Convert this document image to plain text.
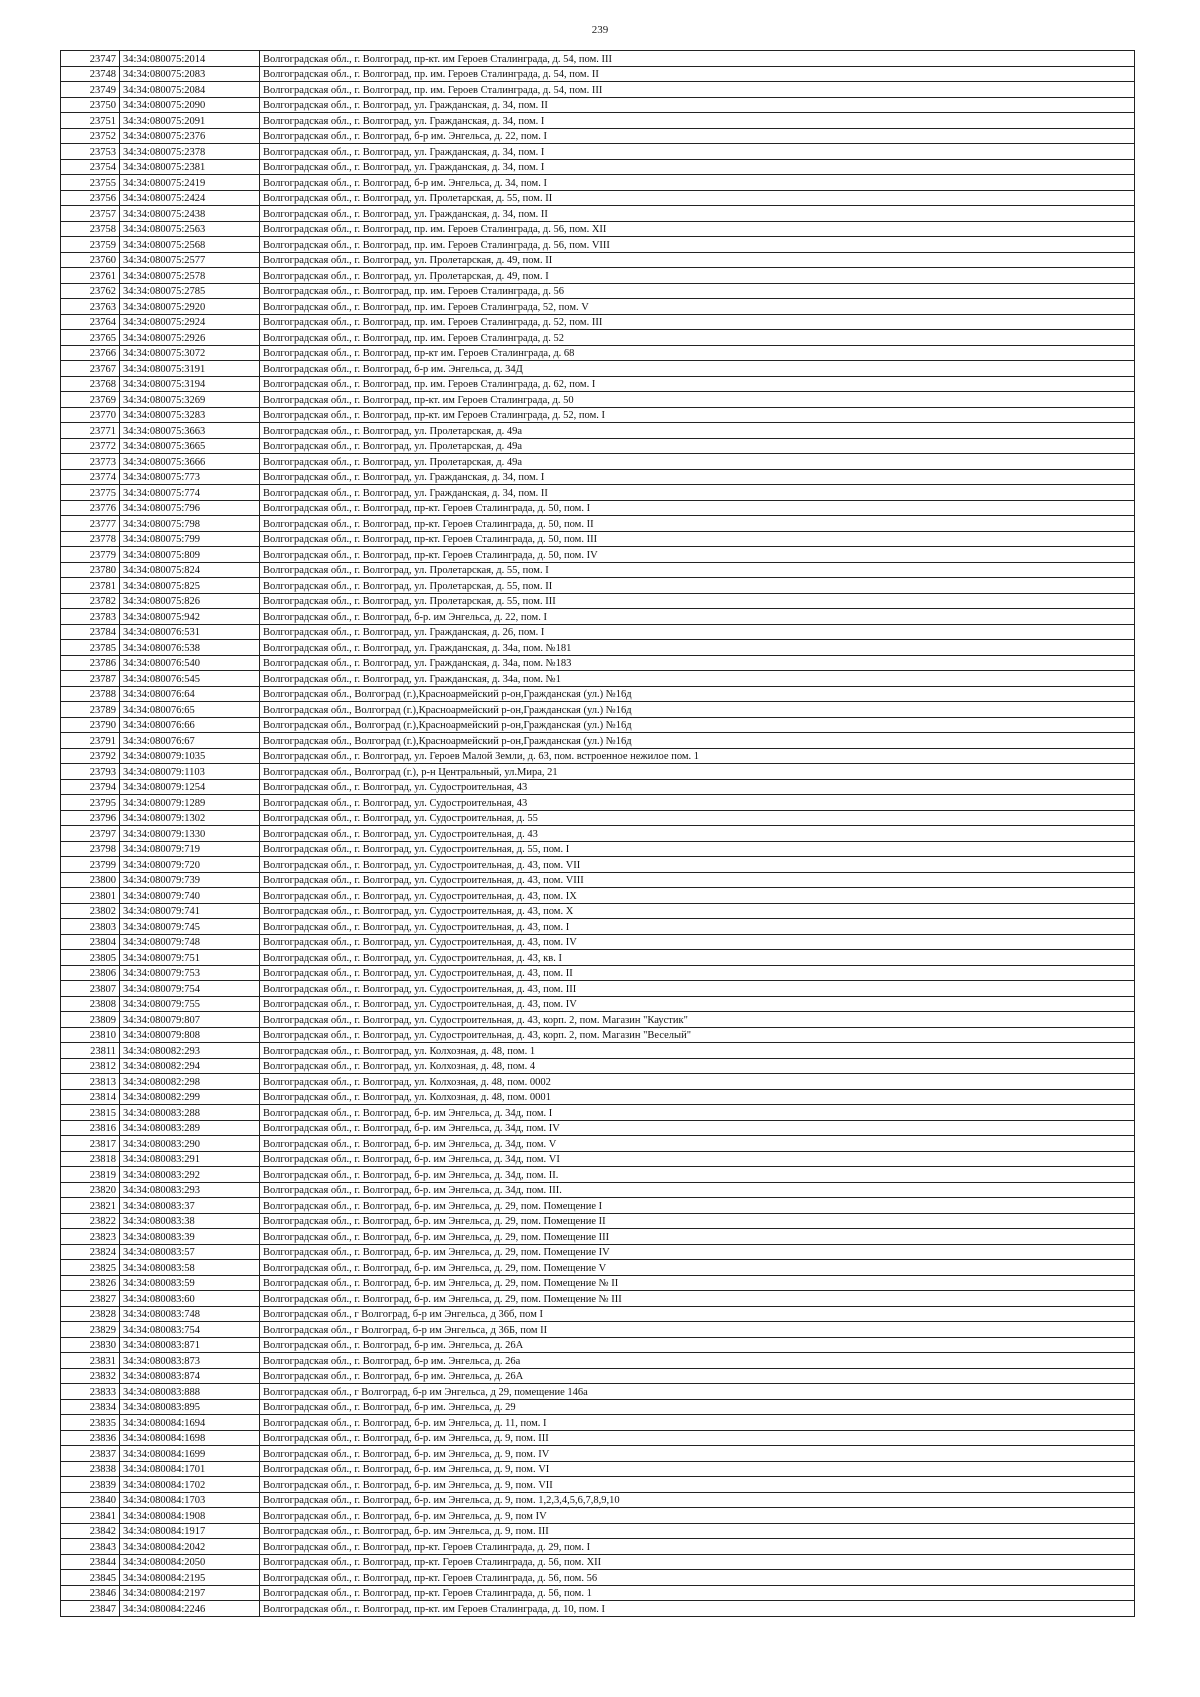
239
23747	34:34:080075:2014	Волгоградская обл., г. Волгоград, пр-кт. им Героев Сталинграда, д. 54, пом. III
23748	34:34:080075:2083	Волгоградская обл., г. Волгоград, пр. им. Героев Сталинграда, д. 54, пом. II
23749	34:34:080075:2084	Волгоградская обл., г. Волгоград, пр. им. Героев Сталинграда, д. 54, пом. III
23750	34:34:080075:2090	Волгоградская обл., г. Волгоград, ул. Гражданская, д. 34, пом. II
23751	34:34:080075:2091	Волгоградская обл., г. Волгоград, ул. Гражданская, д. 34, пом. I
23752	34:34:080075:2376	Волгоградская обл., г. Волгоград, б-р им. Энгельса, д. 22, пом. I
23753	34:34:080075:2378	Волгоградская обл., г. Волгоград, ул. Гражданская, д. 34, пом. I
23754	34:34:080075:2381	Волгоградская обл., г. Волгоград, ул. Гражданская, д. 34, пом. I
23755	34:34:080075:2419	Волгоградская обл., г. Волгоград, б-р им. Энгельса, д. 34, пом. I
23756	34:34:080075:2424	Волгоградская обл., г. Волгоград, ул. Пролетарская, д. 55, пом. II
23757	34:34:080075:2438	Волгоградская обл., г. Волгоград, ул. Гражданская, д. 34, пом. II
23758	34:34:080075:2563	Волгоградская обл., г. Волгоград, пр. им. Героев Сталинграда, д. 56, пом. XII
23759	34:34:080075:2568	Волгоградская обл., г. Волгоград, пр. им. Героев Сталинграда, д. 56, пом. VIII
23760	34:34:080075:2577	Волгоградская обл., г. Волгоград, ул. Пролетарская, д. 49, пом. II
23761	34:34:080075:2578	Волгоградская обл., г. Волгоград, ул. Пролетарская, д. 49, пом. I
23762	34:34:080075:2785	Волгоградская обл., г. Волгоград, пр. им. Героев Сталинграда, д. 56
23763	34:34:080075:2920	Волгоградская обл., г. Волгоград, пр. им. Героев Сталинграда, 52, пом. V
23764	34:34:080075:2924	Волгоградская обл., г. Волгоград, пр. им. Героев Сталинграда, д. 52, пом. III
23765	34:34:080075:2926	Волгоградская обл., г. Волгоград, пр. им. Героев Сталинграда, д. 52
23766	34:34:080075:3072	Волгоградская обл., г. Волгоград, пр-кт им. Героев Сталинграда, д. 68
23767	34:34:080075:3191	Волгоградская обл., г. Волгоград, б-р им. Энгельса, д. 34Д
23768	34:34:080075:3194	Волгоградская обл., г. Волгоград, пр. им. Героев Сталинграда, д. 62, пом. I
23769	34:34:080075:3269	Волгоградская обл., г. Волгоград, пр-кт. им Героев Сталинграда, д. 50
23770	34:34:080075:3283	Волгоградская обл., г. Волгоград, пр-кт. им Героев Сталинграда, д. 52, пом. I
23771	34:34:080075:3663	Волгоградская обл., г. Волгоград, ул. Пролетарская, д. 49а
23772	34:34:080075:3665	Волгоградская обл., г. Волгоград, ул. Пролетарская, д. 49а
23773	34:34:080075:3666	Волгоградская обл., г. Волгоград, ул. Пролетарская, д. 49а
23774	34:34:080075:773	Волгоградская обл., г. Волгоград, ул. Гражданская, д. 34, пом. I
23775	34:34:080075:774	Волгоградская обл., г. Волгоград, ул. Гражданская, д. 34, пом. II
23776	34:34:080075:796	Волгоградская обл., г. Волгоград, пр-кт. Героев Сталинграда, д. 50, пом. I
23777	34:34:080075:798	Волгоградская обл., г. Волгоград, пр-кт. Героев Сталинграда, д. 50, пом. II
23778	34:34:080075:799	Волгоградская обл., г. Волгоград, пр-кт. Героев Сталинграда, д. 50, пом. III
23779	34:34:080075:809	Волгоградская обл., г. Волгоград, пр-кт. Героев Сталинграда, д. 50, пом. IV
23780	34:34:080075:824	Волгоградская обл., г. Волгоград, ул. Пролетарская, д. 55, пом. I
23781	34:34:080075:825	Волгоградская обл., г. Волгоград, ул. Пролетарская, д. 55, пом. II
23782	34:34:080075:826	Волгоградская обл., г. Волгоград, ул. Пролетарская, д. 55, пом. III
23783	34:34:080075:942	Волгоградская обл., г. Волгоград, б-р. им Энгельса, д. 22, пом. I
23784	34:34:080076:531	Волгоградская обл., г. Волгоград, ул. Гражданская, д. 26, пом. I
23785	34:34:080076:538	Волгоградская обл., г. Волгоград, ул. Гражданская, д. 34а, пом. №181
23786	34:34:080076:540	Волгоградская обл., г. Волгоград, ул. Гражданская, д. 34а, пом. №183
23787	34:34:080076:545	Волгоградская обл., г. Волгоград, ул. Гражданская, д. 34а, пом. №1
23788	34:34:080076:64	Волгоградская обл., Волгоград (г.),Красноармейский р-он,Гражданская (ул.) №16д
23789	34:34:080076:65	Волгоградская обл., Волгоград (г.),Красноармейский р-он,Гражданская (ул.) №16д
23790	34:34:080076:66	Волгоградская обл., Волгоград (г.),Красноармейский р-он,Гражданская (ул.) №16д
23791	34:34:080076:67	Волгоградская обл., Волгоград (г.),Красноармейский р-он,Гражданская (ул.) №16д
23792	34:34:080079:1035	Волгоградская обл., г. Волгоград, ул. Героев Малой Земли, д. 63, пом. встроенное нежилое пом. 1
23793	34:34:080079:1103	Волгоградская обл., Волгоград (г.), р-н Центральный, ул.Мира, 21
23794	34:34:080079:1254	Волгоградская обл., г. Волгоград, ул. Судостроительная, 43
23795	34:34:080079:1289	Волгоградская обл., г. Волгоград, ул. Судостроительная, 43
23796	34:34:080079:1302	Волгоградская обл., г. Волгоград, ул. Судостроительная, д. 55
23797	34:34:080079:1330	Волгоградская обл., г. Волгоград, ул. Судостроительная, д. 43
23798	34:34:080079:719	Волгоградская обл., г. Волгоград, ул. Судостроительная, д. 55, пом. I
23799	34:34:080079:720	Волгоградская обл., г. Волгоград, ул. Судостроительная, д. 43, пом. VII
23800	34:34:080079:739	Волгоградская обл., г. Волгоград, ул. Судостроительная, д. 43, пом. VIII
23801	34:34:080079:740	Волгоградская обл., г. Волгоград, ул. Судостроительная, д. 43, пом. IX
23802	34:34:080079:741	Волгоградская обл., г. Волгоград, ул. Судостроительная, д. 43, пом. X
23803	34:34:080079:745	Волгоградская обл., г. Волгоград, ул. Судостроительная, д. 43, пом. I
23804	34:34:080079:748	Волгоградская обл., г. Волгоград, ул. Судостроительная, д. 43, пом. IV
23805	34:34:080079:751	Волгоградская обл., г. Волгоград, ул. Судостроительная, д. 43, кв. I
23806	34:34:080079:753	Волгоградская обл., г. Волгоград, ул. Судостроительная, д. 43, пом. II
23807	34:34:080079:754	Волгоградская обл., г. Волгоград, ул. Судостроительная, д. 43, пом. III
23808	34:34:080079:755	Волгоградская обл., г. Волгоград, ул. Судостроительная, д. 43, пом. IV
23809	34:34:080079:807	Волгоградская обл., г. Волгоград, ул. Судостроительная, д. 43, корп. 2, пом. Магазин "Каустик"
23810	34:34:080079:808	Волгоградская обл., г. Волгоград, ул. Судостроительная, д. 43, корп. 2, пом. Магазин "Веселый"
23811	34:34:080082:293	Волгоградская обл., г. Волгоград, ул. Колхозная, д. 48, пом. 1
23812	34:34:080082:294	Волгоградская обл., г. Волгоград, ул. Колхозная, д. 48, пом. 4
23813	34:34:080082:298	Волгоградская обл., г. Волгоград, ул. Колхозная, д. 48, пом. 0002
23814	34:34:080082:299	Волгоградская обл., г. Волгоград, ул. Колхозная, д. 48, пом. 0001
23815	34:34:080083:288	Волгоградская обл., г. Волгоград, б-р. им Энгельса, д. 34д, пом. I
23816	34:34:080083:289	Волгоградская обл., г. Волгоград, б-р. им Энгельса, д. 34д, пом. IV
23817	34:34:080083:290	Волгоградская обл., г. Волгоград, б-р. им Энгельса, д. 34д, пом. V
23818	34:34:080083:291	Волгоградская обл., г. Волгоград, б-р. им Энгельса, д. 34д, пом. VI
23819	34:34:080083:292	Волгоградская обл., г. Волгоград, б-р. им Энгельса, д. 34д, пом. II.
23820	34:34:080083:293	Волгоградская обл., г. Волгоград, б-р. им Энгельса, д. 34д, пом. III.
23821	34:34:080083:37	Волгоградская обл., г. Волгоград, б-р. им Энгельса, д. 29, пом. Помещение I
23822	34:34:080083:38	Волгоградская обл., г. Волгоград, б-р. им Энгельса, д. 29, пом. Помещение II
23823	34:34:080083:39	Волгоградская обл., г. Волгоград, б-р. им Энгельса, д. 29, пом. Помещение III
23824	34:34:080083:57	Волгоградская обл., г. Волгоград, б-р. им Энгельса, д. 29, пом. Помещение IV
23825	34:34:080083:58	Волгоградская обл., г. Волгоград, б-р. им Энгельса, д. 29, пом. Помещение V
23826	34:34:080083:59	Волгоградская обл., г. Волгоград, б-р. им Энгельса, д. 29, пом. Помещение № II
23827	34:34:080083:60	Волгоградская обл., г. Волгоград, б-р. им Энгельса, д. 29, пом. Помещение № III
23828	34:34:080083:748	Волгоградская обл., г Волгоград, б-р им Энгельса, д 36б, пом I
23829	34:34:080083:754	Волгоградская обл., г Волгоград, б-р им Энгельса, д 36Б, пом II
23830	34:34:080083:871	Волгоградская обл., г. Волгоград, б-р им. Энгельса, д. 26А
23831	34:34:080083:873	Волгоградская обл., г. Волгоград, б-р им. Энгельса, д. 26а
23832	34:34:080083:874	Волгоградская обл., г. Волгоград, б-р им. Энгельса, д. 26А
23833	34:34:080083:888	Волгоградская обл., г Волгоград, б-р им Энгельса, д 29, помещение 146а
23834	34:34:080083:895	Волгоградская обл., г. Волгоград, б-р им. Энгельса, д. 29
23835	34:34:080084:1694	Волгоградская обл., г. Волгоград, б-р. им Энгельса, д. 11, пом. I
23836	34:34:080084:1698	Волгоградская обл., г. Волгоград, б-р. им Энгельса, д. 9, пом. III
23837	34:34:080084:1699	Волгоградская обл., г. Волгоград, б-р. им Энгельса, д. 9, пом. IV
23838	34:34:080084:1701	Волгоградская обл., г. Волгоград, б-р. им Энгельса, д. 9, пом. VI
23839	34:34:080084:1702	Волгоградская обл., г. Волгоград, б-р. им Энгельса, д. 9, пом. VII
23840	34:34:080084:1703	Волгоградская обл., г. Волгоград, б-р. им Энгельса, д. 9, пом. 1,2,3,4,5,6,7,8,9,10
23841	34:34:080084:1908	Волгоградская обл., г. Волгоград, б-р. им Энгельса, д. 9, пом IV
23842	34:34:080084:1917	Волгоградская обл., г. Волгоград, б-р. им Энгельса, д. 9, пом. III
23843	34:34:080084:2042	Волгоградская обл., г. Волгоград, пр-кт. Героев Сталинграда, д. 29, пом. I
23844	34:34:080084:2050	Волгоградская обл., г. Волгоград, пр-кт. Героев Сталинграда, д. 56, пом. XII
23845	34:34:080084:2195	Волгоградская обл., г. Волгоград, пр-кт. Героев Сталинграда, д. 56, пом. 56
23846	34:34:080084:2197	Волгоградская обл., г. Волгоград, пр-кт. Героев Сталинграда, д. 56, пом. 1
23847	34:34:080084:2246	Волгоградская обл., г. Волгоград, пр-кт. им Героев Сталинграда, д. 10, пом. I
